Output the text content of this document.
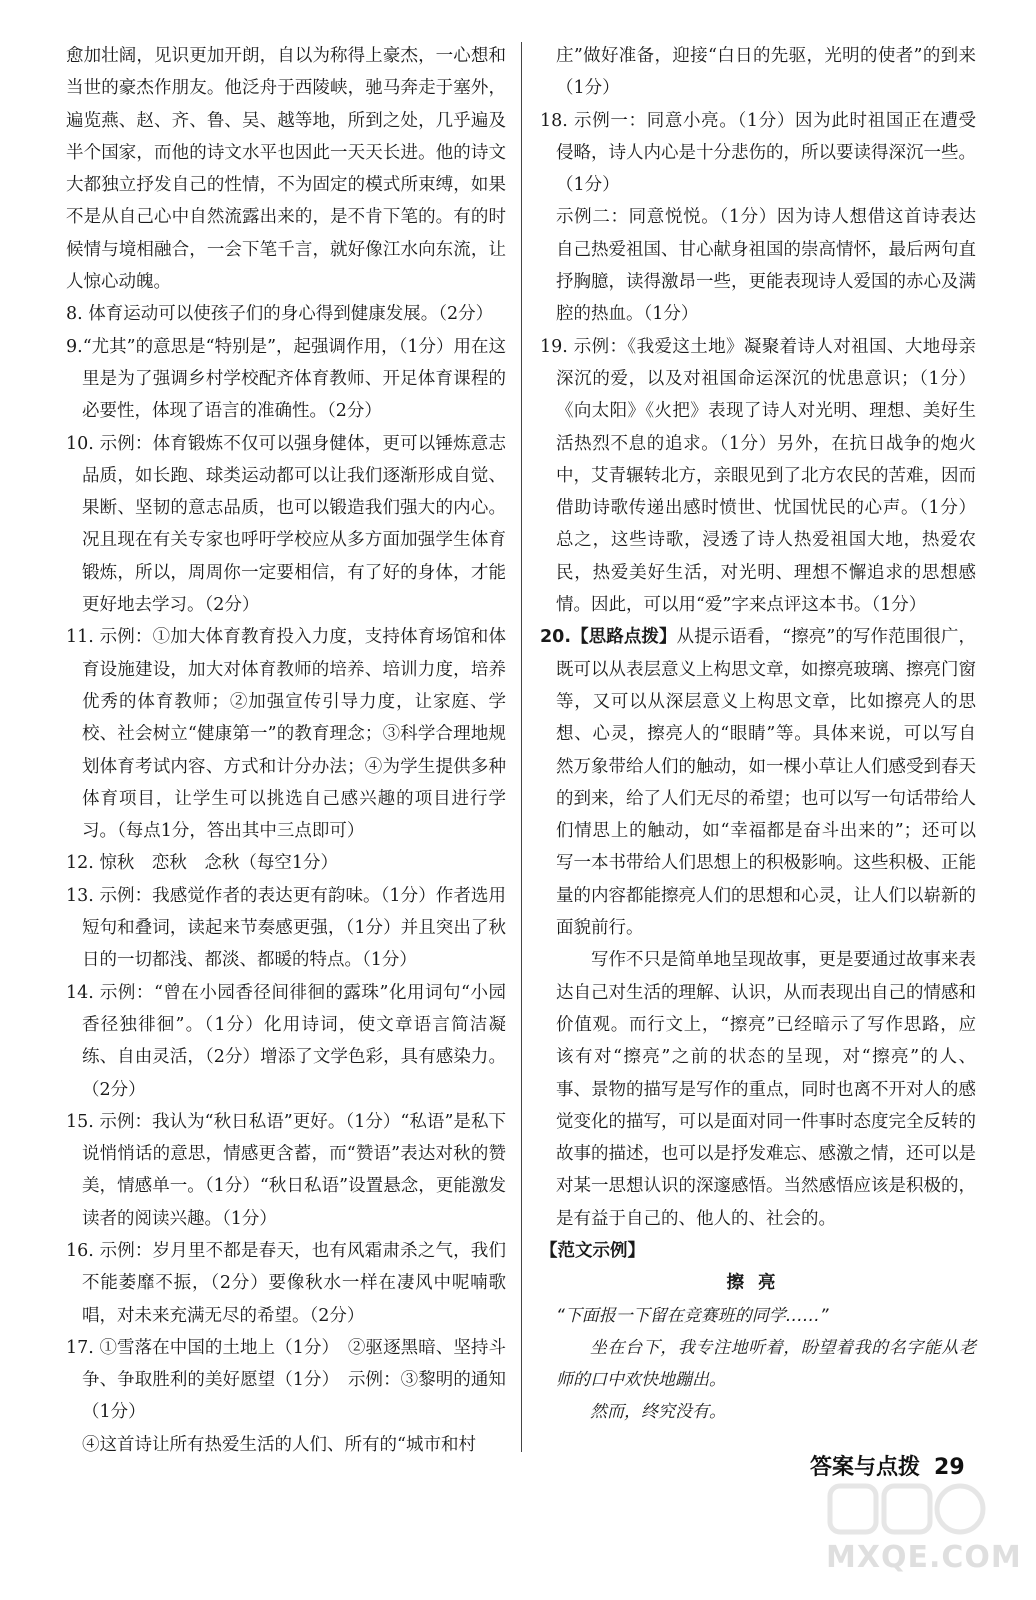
愈加壮阔，见识更加开朗，自以为称得上豪杰，一心想和当世的豪杰作朋友。他泛舟于西陵峡，驰马奔走于塞外，遍览燕、赵、齐、鲁、吴、越等地，所到之处，几乎遍及半个国家，而他的诗文水平也因此一天天长进。他的诗文大都独立抒发自己的性情，不为固定的模式所束缚，如果不是从自己心中自然流露出来的，是不肯下笔的。有的时候情与境相融合，一会下笔千言，就好像江水向东流，让人惊心动魄。

8. 体育运动可以使孩子们的身心得到健康发展。（2分）

9.“尤其”的意思是“特别是”，起强调作用，（1分）用在这里是为了强调乡村学校配齐体育教师、开足体育课程的必要性，体现了语言的准确性。（2分）

10. 示例：体育锻炼不仅可以强身健体，更可以锤炼意志品质，如长跑、球类运动都可以让我们逐渐形成自觉、果断、坚韧的意志品质，也可以锻造我们强大的内心。况且现在有关专家也呼吁学校应从多方面加强学生体育锻炼，所以，周周你一定要相信，有了好的身体，才能更好地去学习。（2分）

11. 示例：①加大体育教育投入力度，支持体育场馆和体育设施建设，加大对体育教师的培养、培训力度，培养优秀的体育教师；②加强宣传引导力度，让家庭、学校、社会树立“健康第一”的教育理念；③科学合理地规划体育考试内容、方式和计分办法；④为学生提供多种体育项目，让学生可以挑选自己感兴趣的项目进行学习。（每点1分，答出其中三点即可）

12. 惊秋　恋秋　念秋（每空1分）

13. 示例：我感觉作者的表达更有韵味。（1分）作者选用短句和叠词，读起来节奏感更强，（1分）并且突出了秋日的一切都浅、都淡、都暖的特点。（1分）

14. 示例：“曾在小园香径间徘徊的露珠”化用词句“小园香径独徘徊”。（1分）化用诗词，使文章语言简洁凝练、自由灵活，（2分）增添了文学色彩，具有感染力。（2分）

15. 示例：我认为“秋日私语”更好。（1分）“私语”是私下说悄悄话的意思，情感更含蓄，而“赞语”表达对秋的赞美，情感单一。（1分）“秋日私语”设置悬念，更能激发读者的阅读兴趣。（1分）

16. 示例：岁月里不都是春天，也有风霜肃杀之气，我们不能萎靡不振，（2分）要像秋水一样在凄风中呢喃歌唱，对未来充满无尽的希望。（2分）

17. ①雪落在中国的土地上（1分）　②驱逐黑暗、坚持斗争、争取胜利的美好愿望（1分）　示例：③黎明的通知（1分）

④这首诗让所有热爱生活的人们、所有的“城市和村

庄”做好准备，迎接“白日的先驱，光明的使者”的到来（1分）

18. 示例一：同意小亮。（1分）因为此时祖国正在遭受侵略，诗人内心是十分悲伤的，所以要读得深沉一些。（1分）

示例二：同意悦悦。（1分）因为诗人想借这首诗表达自己热爱祖国、甘心献身祖国的崇高情怀，最后两句直抒胸臆，读得激昂一些，更能表现诗人爱国的赤心及满腔的热血。（1分）

19. 示例：《我爱这土地》凝聚着诗人对祖国、大地母亲深沉的爱，以及对祖国命运深沉的忧患意识；（1分）《向太阳》《火把》表现了诗人对光明、理想、美好生活热烈不息的追求。（1分）另外，在抗日战争的炮火中，艾青辗转北方，亲眼见到了北方农民的苦难，因而借助诗歌传递出感时愤世、忧国忧民的心声。（1分）总之，这些诗歌，浸透了诗人热爱祖国大地，热爱农民，热爱美好生活，对光明、理想不懈追求的思想感情。因此，可以用“爱”字来点评这本书。（1分）

20.【思路点拨】从提示语看，“擦亮”的写作范围很广，既可以从表层意义上构思文章，如擦亮玻璃、擦亮门窗等，又可以从深层意义上构思文章，比如擦亮人的思想、心灵，擦亮人的“眼睛”等。具体来说，可以写自然万象带给人们的触动，如一棵小草让人们感受到春天的到来，给了人们无尽的希望；也可以写一句话带给人们情思上的触动，如“幸福都是奋斗出来的”；还可以写一本书带给人们思想上的积极影响。这些积极、正能量的内容都能擦亮人们的思想和心灵，让人们以崭新的面貌前行。

写作不只是简单地呈现故事，更是要通过故事来表达自己对生活的理解、认识，从而表现出自己的情感和价值观。而行文上，“擦亮”已经暗示了写作思路，应该有对“擦亮”之前的状态的呈现，对“擦亮”的人、事、景物的描写是写作的重点，同时也离不开对人的感觉变化的描写，可以是面对同一件事时态度完全反转的故事的描述，也可以是抒发难忘、感激之情，还可以是对某一思想认识的深邃感悟。当然感悟应该是积极的，是有益于自己的、他人的、社会的。

【范文示例】

擦亮

“下面报一下留在竞赛班的同学……”

坐在台下，我专注地听着，盼望着我的名字能从老师的口中欢快地蹦出。

然而，终究没有。

答案与点拨 29
MXQE.COM
